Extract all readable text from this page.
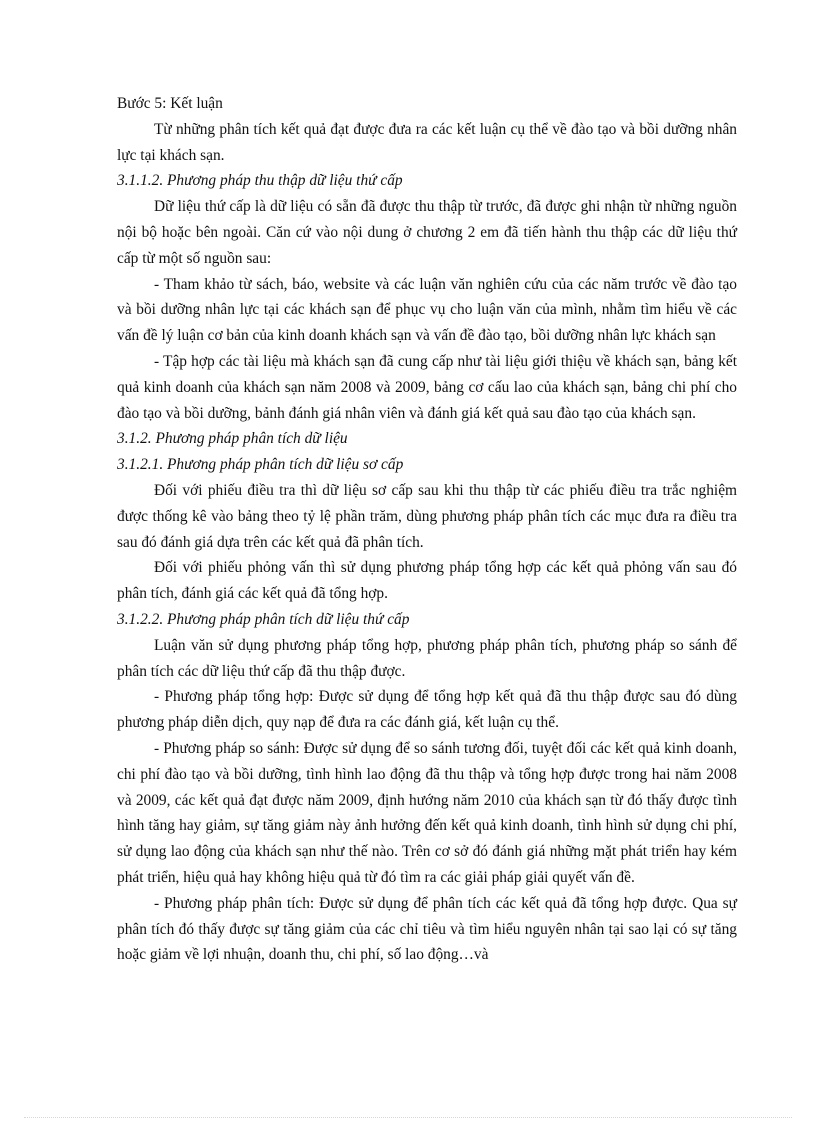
Bước 5: Kết luận

Từ những phân tích kết quả đạt được đưa ra các kết luận cụ thể về đào tạo và bồi dưỡng nhân lực tại khách sạn.

3.1.1.2. Phương pháp thu thập dữ liệu thứ cấp

Dữ liệu thứ cấp là dữ liệu có sẵn đã được thu thập từ trước, đã được ghi nhận từ những nguồn nội bộ hoặc bên ngoài. Căn cứ vào nội dung ở chương 2 em đã tiến hành thu thập các dữ liệu thứ cấp từ một số nguồn sau:

- Tham khảo từ sách, báo, website và các luận văn nghiên cứu của các năm trước về đào tạo và bồi dưỡng nhân lực tại các khách sạn để phục vụ cho luận văn của mình, nhằm tìm hiểu về các vấn đề lý luận cơ bản của kinh doanh khách sạn và vấn đề đào tạo, bồi dưỡng nhân lực khách sạn

- Tập hợp các tài liệu mà khách sạn đã cung cấp như tài liệu giới thiệu về khách sạn, bảng kết quả kinh doanh của khách sạn năm 2008 và 2009, bảng cơ cấu lao của khách sạn, bảng chi phí cho đào tạo và bồi dưỡng, bảnh đánh giá nhân viên và đánh giá kết quả sau đào tạo của khách sạn.

3.1.2. Phương pháp phân tích dữ liệu

3.1.2.1. Phương pháp phân tích dữ liệu sơ cấp

Đối với phiếu điều tra thì dữ liệu sơ cấp sau khi thu thập từ các phiếu điều tra trắc nghiệm được thống kê vào bảng theo tỷ lệ phần trăm, dùng phương pháp phân tích các mục đưa ra điều tra sau đó đánh giá dựa trên các kết quả đã phân tích.

Đối với phiếu phỏng vấn thì sử dụng phương pháp tổng hợp các kết quả phỏng vấn sau đó phân tích, đánh giá các kết quả đã tổng hợp.

3.1.2.2. Phương pháp phân tích dữ liệu thứ cấp

Luận văn sử dụng phương pháp tổng hợp, phương pháp phân tích, phương pháp so sánh để phân tích các dữ liệu thứ cấp đã thu thập được.

- Phương pháp tổng hợp: Được sử dụng để tổng hợp kết quả đã thu thập được sau đó dùng phương pháp diễn dịch, quy nạp để đưa ra các đánh giá, kết luận cụ thể.

- Phương pháp so sánh: Được sử dụng để so sánh tương đối, tuyệt đối các kết quả kinh doanh, chi phí đào tạo và bồi dưỡng, tình hình lao động đã thu thập và tổng hợp được trong hai năm 2008 và 2009, các kết quả đạt được năm 2009, định hướng năm 2010 của khách sạn từ đó thấy được tình hình tăng hay giảm, sự tăng giảm này ảnh hưởng đến kết quả kinh doanh, tình hình sử dụng chi phí, sử dụng lao động của khách sạn như thế nào. Trên cơ sở đó đánh giá những mặt phát triển hay kém phát triển, hiệu quả hay không hiệu quả từ đó tìm ra các giải pháp giải quyết vấn đề.

- Phương pháp phân tích: Được sử dụng để phân tích các kết quả đã tổng hợp được. Qua sự phân tích đó thấy được sự tăng giảm của các chỉ tiêu và tìm hiểu nguyên nhân tại sao lại có sự tăng hoặc giảm về lợi nhuận, doanh thu, chi phí, số lao động…và
